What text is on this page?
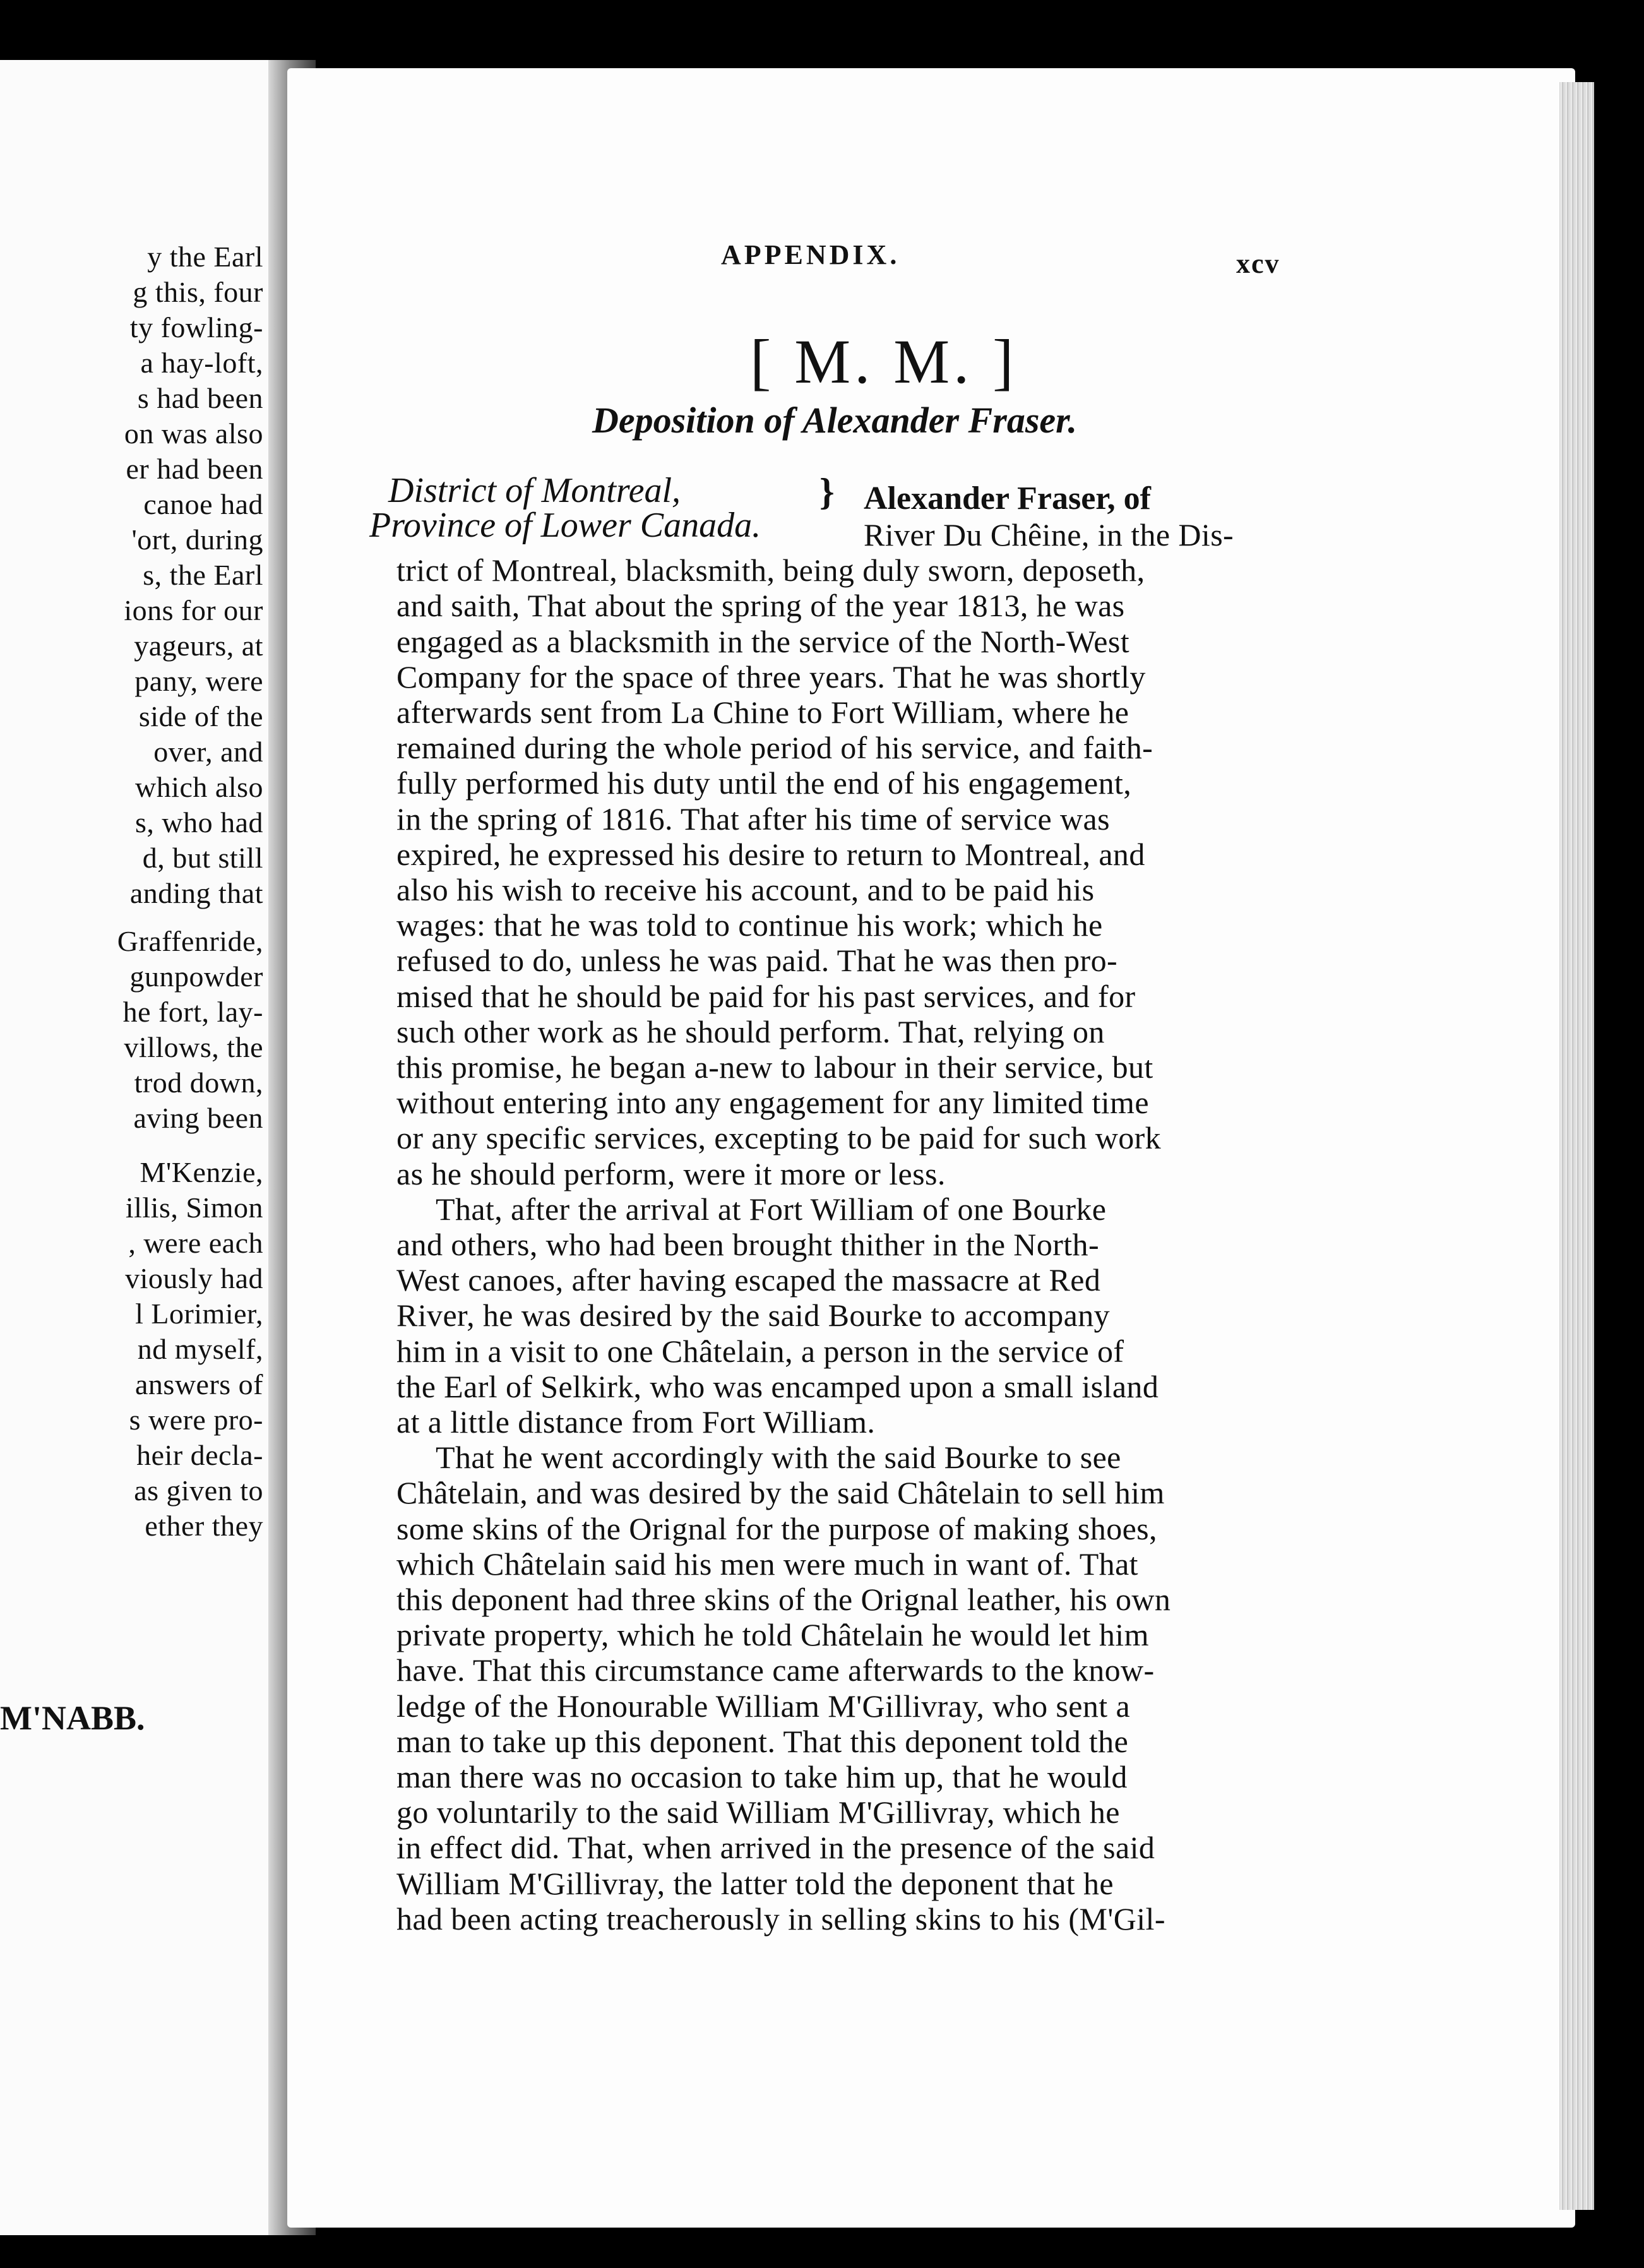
y the Earl
g this, four
ty fowling-
a hay-loft,
s had been
on was also
er had been
canoe had
'ort, during
s, the Earl
ions for our
yageurs, at
pany, were
side of the
over, and
which also
s, who had
d, but still
anding that
Graffenride,
gunpowder
he fort, lay-
villows, the
trod down,
aving been
M'Kenzie,
illis, Simon
, were each
viously had
l Lorimier,
nd myself,
answers of
s were pro-
heir decla-
as given to
ether they
M'NABB.
APPENDIX.	xcv
[ M. M. ]
Deposition of Alexander Fraser.
District of Montreal,
Province of Lower Canada.
} Alexander Fraser, of
River Du Chêine, in the Dis-
trict of Montreal, blacksmith, being duly sworn, deposeth,
and saith, That about the spring of the year 1813, he was
engaged as a blacksmith in the service of the North-West
Company for the space of three years. That he was shortly
afterwards sent from La Chine to Fort William, where he
remained during the whole period of his service, and faith-
fully performed his duty until the end of his engagement,
in the spring of 1816. That after his time of service was
expired, he expressed his desire to return to Montreal, and
also his wish to receive his account, and to be paid his
wages: that he was told to continue his work; which he
refused to do, unless he was paid. That he was then pro-
mised that he should be paid for his past services, and for
such other work as he should perform. That, relying on
this promise, he began a-new to labour in their service, but
without entering into any engagement for any limited time
or any specific services, excepting to be paid for such work
as he should perform, were it more or less.
That, after the arrival at Fort William of one Bourke
and others, who had been brought thither in the North-
West canoes, after having escaped the massacre at Red
River, he was desired by the said Bourke to accompany
him in a visit to one Châtelain, a person in the service of
the Earl of Selkirk, who was encamped upon a small island
at a little distance from Fort William.
That he went accordingly with the said Bourke to see
Châtelain, and was desired by the said Châtelain to sell him
some skins of the Orignal for the purpose of making shoes,
which Châtelain said his men were much in want of. That
this deponent had three skins of the Orignal leather, his own
private property, which he told Châtelain he would let him
have. That this circumstance came afterwards to the know-
ledge of the Honourable William M'Gillivray, who sent a
man to take up this deponent. That this deponent told the
man there was no occasion to take him up, that he would
go voluntarily to the said William M'Gillivray, which he
in effect did. That, when arrived in the presence of the said
William M'Gillivray, the latter told the deponent that he
had been acting treacherously in selling skins to his (M'Gil-
